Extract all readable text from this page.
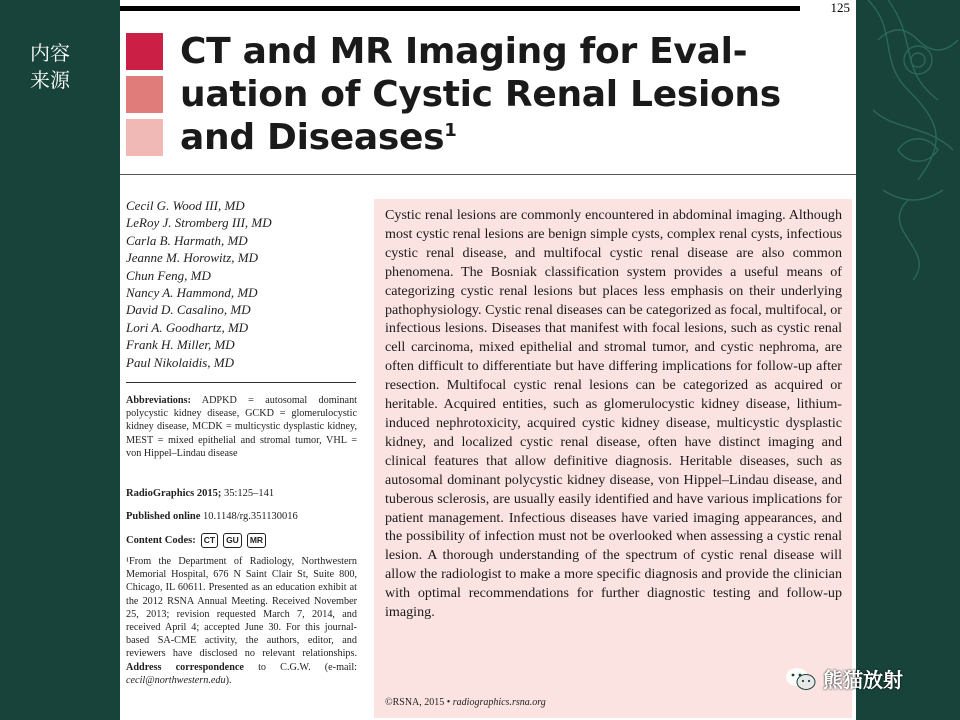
内容
来源
125
CT and MR Imaging for Eval-
uation of Cystic Renal Lesions
and Diseases$^1$
Cecil G. Wood III, MD
LeRoy J. Stromberg III, MD
Carla B. Harmath, MD
Jeanne M. Horowitz, MD
Chun Feng, MD
Nancy A. Hammond, MD
David D. Casalino, MD
Lori A. Goodhartz, MD
Frank H. Miller, MD
Paul Nikolaidis, MD
Abbreviations: ADPKD = autosomal dominant polycystic kidney disease, GCKD = glomerulocystic kidney disease, MCDK = multicystic dysplastic kidney, MEST = mixed epithelial and stromal tumor, VHL = von Hippel–Lindau disease
RadioGraphics 2015; 35:125–141
Published online 10.1148/rg.351130016
Content Codes: CT	GU	MR
¹From the Department of Radiology, Northwestern Memorial Hospital, 676 N Saint Clair St, Suite 800, Chicago, IL 60611. Presented as an education exhibit at the 2012 RSNA Annual Meeting. Received November 25, 2013; revision requested March 7, 2014, and received April 4; accepted June 30. For this journal-based SA-CME activity, the authors, editor, and reviewers have disclosed no relevant relationships. Address correspondence to C.G.W. (e-mail: cecil@northwestern.edu).
Cystic renal lesions are commonly encountered in abdominal imaging. Although most cystic renal lesions are benign simple cysts, complex renal cysts, infectious cystic renal disease, and multifocal cystic renal disease are also common phenomena. The Bosniak classification system provides a useful means of categorizing cystic renal lesions but places less emphasis on their underlying pathophysiology. Cystic renal diseases can be categorized as focal, multifocal, or infectious lesions. Diseases that manifest with focal lesions, such as cystic renal cell carcinoma, mixed epithelial and stromal tumor, and cystic nephroma, are often difficult to differentiate but have differing implications for follow-up after resection. Multifocal cystic renal lesions can be categorized as acquired or heritable. Acquired entities, such as glomerulocystic kidney disease, lithium-induced nephrotoxicity, acquired cystic kidney disease, multicystic dysplastic kidney, and localized cystic renal disease, often have distinct imaging and clinical features that allow definitive diagnosis. Heritable diseases, such as autosomal dominant polycystic kidney disease, von Hippel–Lindau disease, and tuberous sclerosis, are usually easily identified and have various implications for patient management. Infectious diseases have varied imaging appearances, and the possibility of infection must not be overlooked when assessing a cystic renal lesion. A thorough understanding of the spectrum of cystic renal disease will allow the radiologist to make a more specific diagnosis and provide the clinician with optimal recommendations for further diagnostic testing and follow-up imaging.
©RSNA, 2015 • radiographics.rsna.org
熊猫放射
